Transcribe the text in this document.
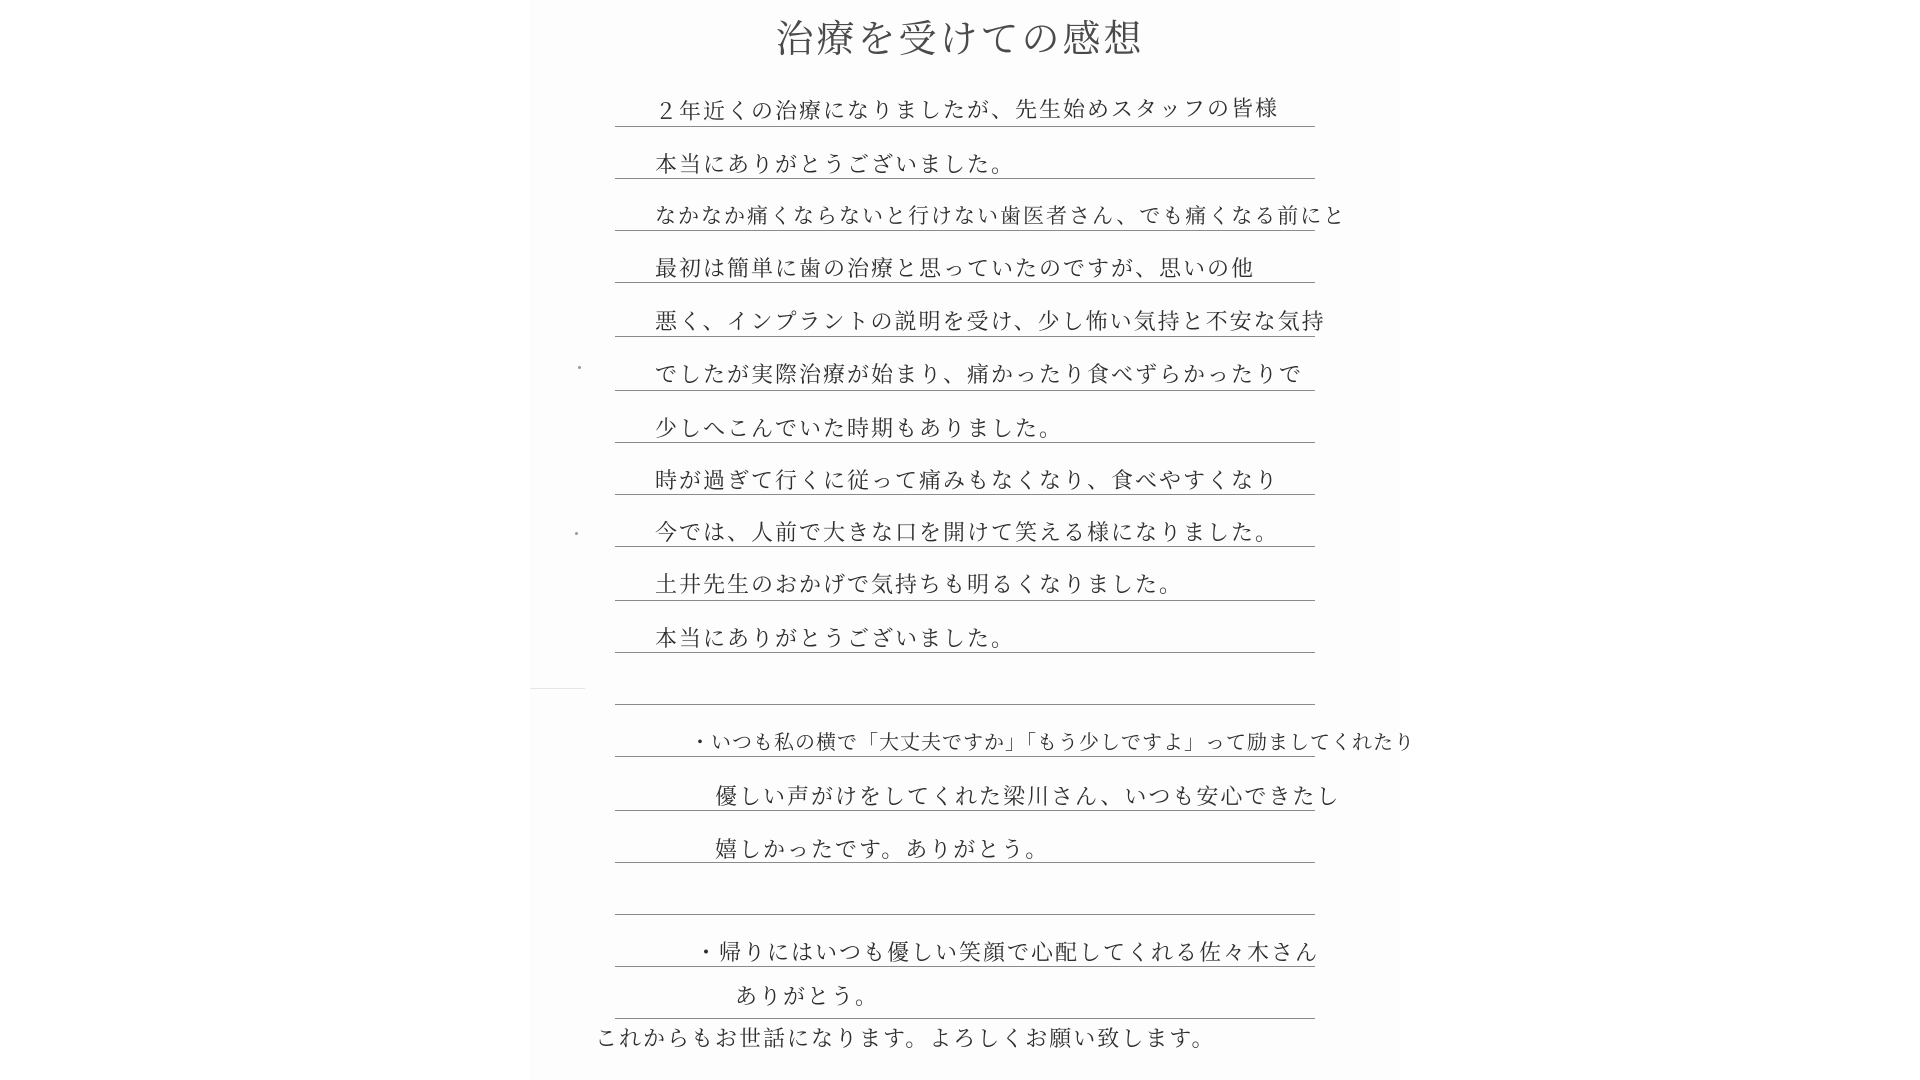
治療を受けての感想
２年近くの治療になりましたが、先生始めスタッフの皆様
本当にありがとうございました。
なかなか痛くならないと行けない歯医者さん、でも痛くなる前にと
最初は簡単に歯の治療と思っていたのですが、思いの他
悪く、インプラントの説明を受け、少し怖い気持と不安な気持
でしたが実際治療が始まり、痛かったり食べずらかったりで
少しへこんでいた時期もありました。
時が過ぎて行くに従って痛みもなくなり、食べやすくなり
今では、人前で大きな口を開けて笑える様になりました。
土井先生のおかげで気持ちも明るくなりました。
本当にありがとうございました。
・いつも私の横で「大丈夫ですか」「もう少しですよ」って励ましてくれたり
優しい声がけをしてくれた梁川さん、いつも安心できたし
嬉しかったです。ありがとう。
・帰りにはいつも優しい笑顔で心配してくれる佐々木さん
ありがとう。
これからもお世話になります。よろしくお願い致します。
